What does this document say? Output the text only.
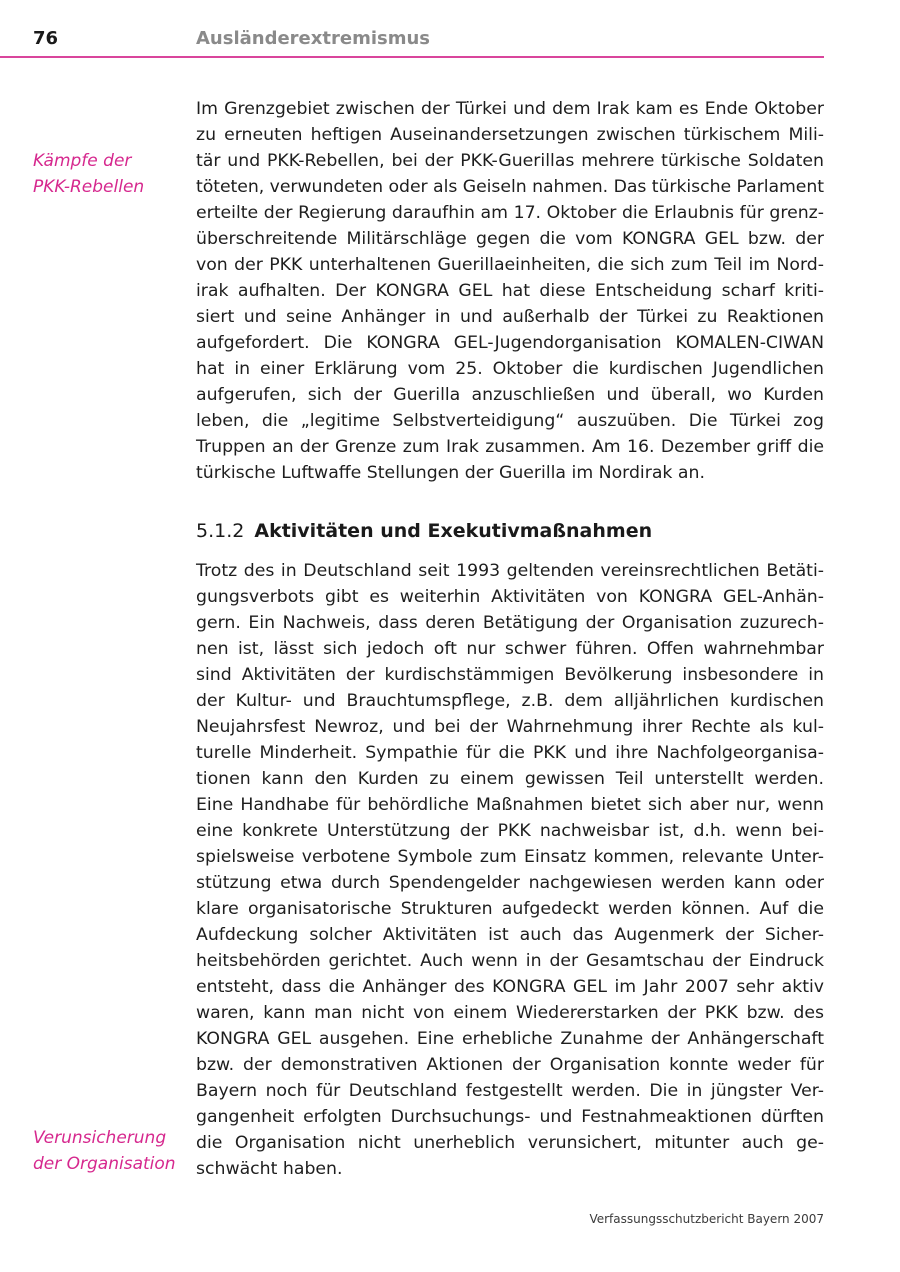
76	Ausländerextremismus
Kämpfe der
PKK-Rebellen
Verunsicherung
der Organisation
Im Grenzgebiet zwischen der Türkei und dem Irak kam es Ende Oktober
zu erneuten heftigen Auseinandersetzungen zwischen türkischem Mili-
tär und PKK-Rebellen, bei der PKK-Guerillas mehrere türkische Soldaten
töteten, verwundeten oder als Geiseln nahmen. Das türkische Parlament
erteilte der Regierung daraufhin am 17. Oktober die Erlaubnis für grenz-
überschreitende Militärschläge gegen die vom KONGRA GEL bzw. der
von der PKK unterhaltenen Guerillaeinheiten, die sich zum Teil im Nord-
irak aufhalten. Der KONGRA GEL hat diese Entscheidung scharf kriti-
siert und seine Anhänger in und außerhalb der Türkei zu Reaktionen
aufgefordert. Die KONGRA GEL-Jugendorganisation KOMALEN-CIWAN
hat in einer Erklärung vom 25. Oktober die kurdischen Jugendlichen
aufgerufen, sich der Guerilla anzuschließen und überall, wo Kurden
leben, die „legitime Selbstverteidigung“ auszuüben. Die Türkei zog
Truppen an der Grenze zum Irak zusammen. Am 16. Dezember griff die
türkische Luftwaffe Stellungen der Guerilla im Nordirak an.
5.1.2 Aktivitäten und Exekutivmaßnahmen
Trotz des in Deutschland seit 1993 geltenden vereinsrechtlichen Betäti-
gungsverbots gibt es weiterhin Aktivitäten von KONGRA GEL-Anhän-
gern. Ein Nachweis, dass deren Betätigung der Organisation zuzurech-
nen ist, lässt sich jedoch oft nur schwer führen. Offen wahrnehmbar
sind Aktivitäten der kurdischstämmigen Bevölkerung insbesondere in
der Kultur- und Brauchtumspflege, z.B. dem alljährlichen kurdischen
Neujahrsfest Newroz, und bei der Wahrnehmung ihrer Rechte als kul-
turelle Minderheit. Sympathie für die PKK und ihre Nachfolgeorganisa-
tionen kann den Kurden zu einem gewissen Teil unterstellt werden.
Eine Handhabe für behördliche Maßnahmen bietet sich aber nur, wenn
eine konkrete Unterstützung der PKK nachweisbar ist, d.h. wenn bei-
spielsweise verbotene Symbole zum Einsatz kommen, relevante Unter-
stützung etwa durch Spendengelder nachgewiesen werden kann oder
klare organisatorische Strukturen aufgedeckt werden können. Auf die
Aufdeckung solcher Aktivitäten ist auch das Augenmerk der Sicher-
heitsbehörden gerichtet. Auch wenn in der Gesamtschau der Eindruck
entsteht, dass die Anhänger des KONGRA GEL im Jahr 2007 sehr aktiv
waren, kann man nicht von einem Wiedererstarken der PKK bzw. des
KONGRA GEL ausgehen. Eine erhebliche Zunahme der Anhängerschaft
bzw. der demonstrativen Aktionen der Organisation konnte weder für
Bayern noch für Deutschland festgestellt werden. Die in jüngster Ver-
gangenheit erfolgten Durchsuchungs- und Festnahmeaktionen dürften
die Organisation nicht unerheblich verunsichert, mitunter auch ge-
schwächt haben.
Verfassungsschutzbericht Bayern 2007
